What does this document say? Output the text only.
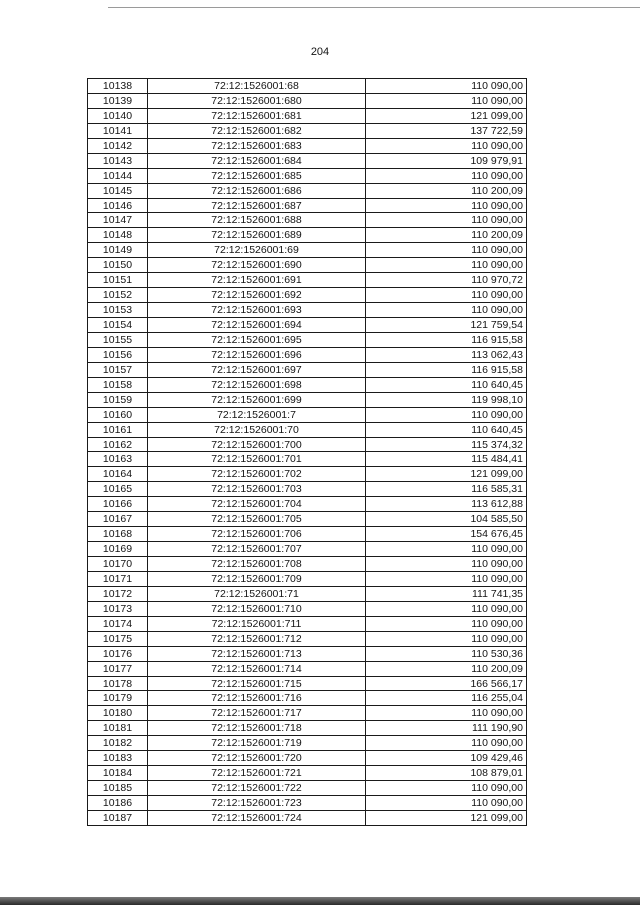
204
10138	72:12:1526001:68	110 090,00
10139	72:12:1526001:680	110 090,00
10140	72:12:1526001:681	121 099,00
10141	72:12:1526001:682	137 722,59
10142	72:12:1526001:683	110 090,00
10143	72:12:1526001:684	109 979,91
10144	72:12:1526001:685	110 090,00
10145	72:12:1526001:686	110 200,09
10146	72:12:1526001:687	110 090,00
10147	72:12:1526001:688	110 090,00
10148	72:12:1526001:689	110 200,09
10149	72:12:1526001:69	110 090,00
10150	72:12:1526001:690	110 090,00
10151	72:12:1526001:691	110 970,72
10152	72:12:1526001:692	110 090,00
10153	72:12:1526001:693	110 090,00
10154	72:12:1526001:694	121 759,54
10155	72:12:1526001:695	116 915,58
10156	72:12:1526001:696	113 062,43
10157	72:12:1526001:697	116 915,58
10158	72:12:1526001:698	110 640,45
10159	72:12:1526001:699	119 998,10
10160	72:12:1526001:7	110 090,00
10161	72:12:1526001:70	110 640,45
10162	72:12:1526001:700	115 374,32
10163	72:12:1526001:701	115 484,41
10164	72:12:1526001:702	121 099,00
10165	72:12:1526001:703	116 585,31
10166	72:12:1526001:704	113 612,88
10167	72:12:1526001:705	104 585,50
10168	72:12:1526001:706	154 676,45
10169	72:12:1526001:707	110 090,00
10170	72:12:1526001:708	110 090,00
10171	72:12:1526001:709	110 090,00
10172	72:12:1526001:71	111 741,35
10173	72:12:1526001:710	110 090,00
10174	72:12:1526001:711	110 090,00
10175	72:12:1526001:712	110 090,00
10176	72:12:1526001:713	110 530,36
10177	72:12:1526001:714	110 200,09
10178	72:12:1526001:715	166 566,17
10179	72:12:1526001:716	116 255,04
10180	72:12:1526001:717	110 090,00
10181	72:12:1526001:718	111 190,90
10182	72:12:1526001:719	110 090,00
10183	72:12:1526001:720	109 429,46
10184	72:12:1526001:721	108 879,01
10185	72:12:1526001:722	110 090,00
10186	72:12:1526001:723	110 090,00
10187	72:12:1526001:724	121 099,00
